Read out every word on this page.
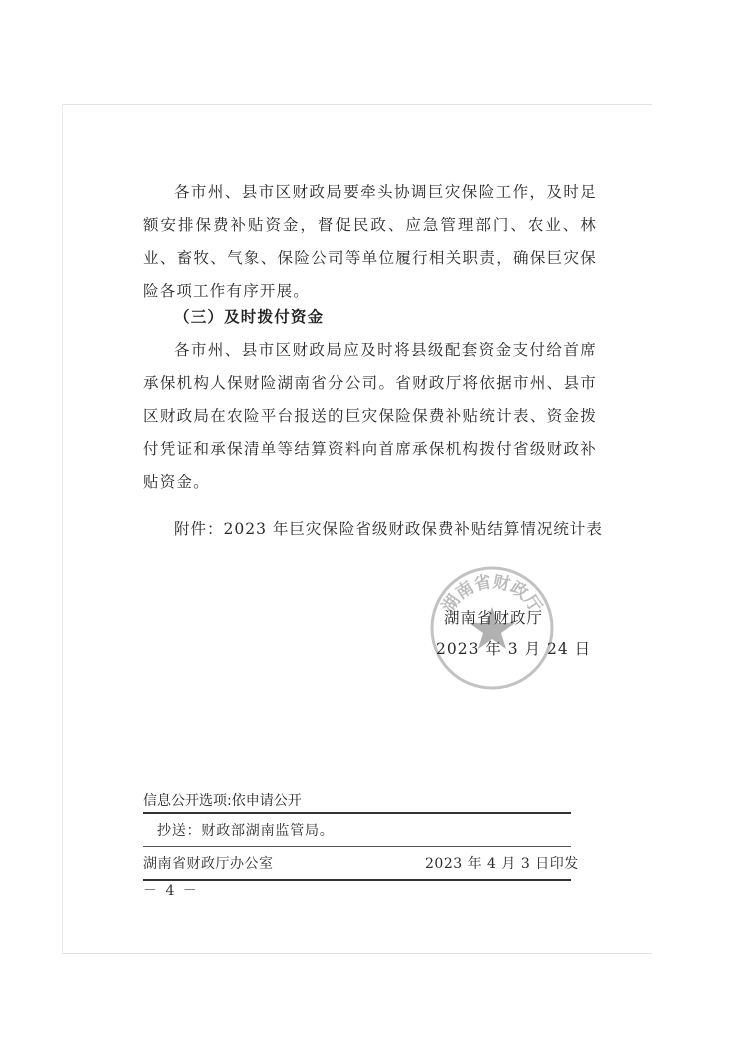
各市州、县市区财政局要牵头协调巨灾保险工作，及时足额安排保费补贴资金，督促民政、应急管理部门、农业、林业、畜牧、气象、保险公司等单位履行相关职责，确保巨灾保险各项工作有序开展。

（三）及时拨付资金

各市州、县市区财政局应及时将县级配套资金支付给首席承保机构人保财险湖南省分公司。省财政厅将依据市州、县市区财政局在农险平台报送的巨灾保险保费补贴统计表、资金拨付凭证和承保清单等结算资料向首席承保机构拨付省级财政补贴资金。

附件：2023 年巨灾保险省级财政保费补贴结算情况统计表
湖南省财政厅
湖南省财政厅
2023 年 3 月 24 日
信息公开选项:依申请公开
抄送：财政部湖南监管局。
湖南省财政厅办公室	2023 年 4 月 3 日印发
－ 4 －
